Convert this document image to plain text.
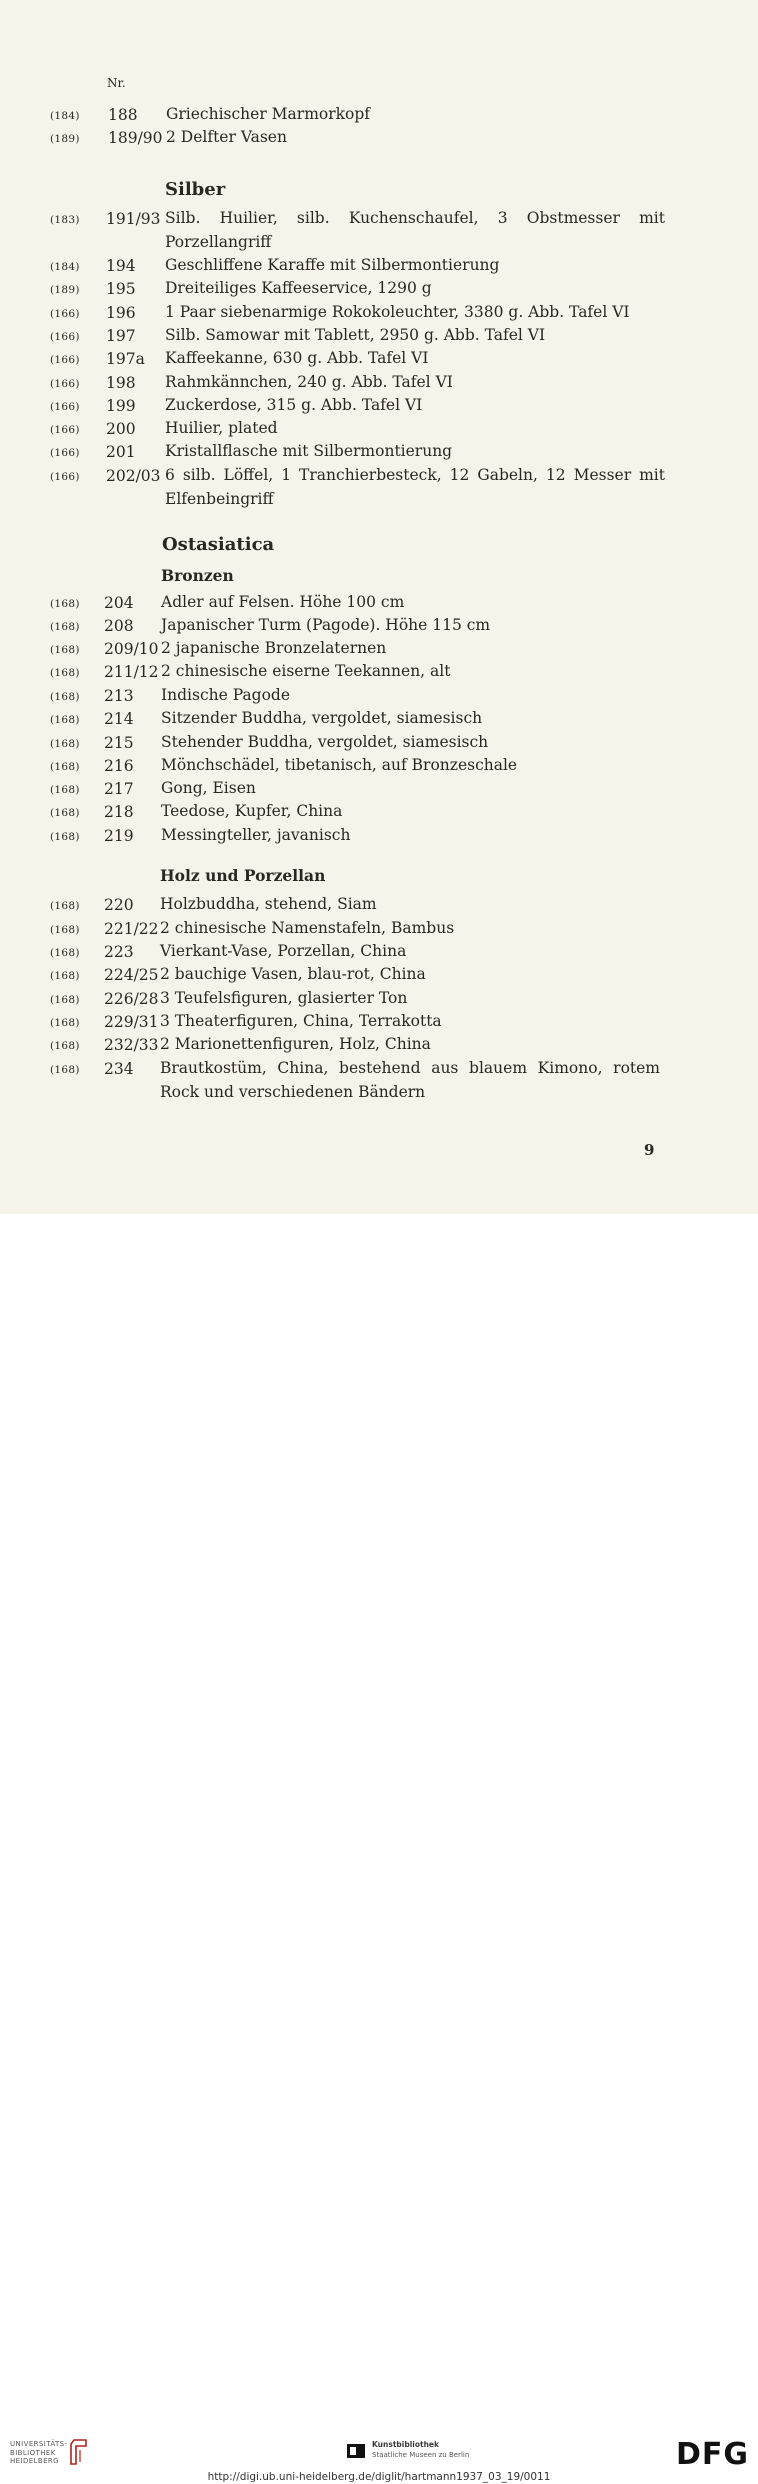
Nr.
Silber
Ostasiatica
Bronzen
Holz und Porzellan
(184) 188 Griechischer Marmorkopf
(189) 189/90 2 Delfter Vasen
(183) 191/93 Silb. Huilier, silb. Kuchenschaufel, 3 Obstmesser mit Porzellangriff
(184) 194 Geschliffene Karaffe mit Silbermontierung
(189) 195 Dreiteiliges Kaffeeservice, 1290 g
(166) 196 1 Paar siebenarmige Rokokoleuchter, 3380 g. Abb. Tafel VI
(166) 197 Silb. Samowar mit Tablett, 2950 g. Abb. Tafel VI
(166) 197a Kaffeekanne, 630 g. Abb. Tafel VI
(166) 198 Rahmkännchen, 240 g. Abb. Tafel VI
(166) 199 Zuckerdose, 315 g. Abb. Tafel VI
(166) 200 Huilier, plated
(166) 201 Kristallflasche mit Silbermontierung
(166) 202/03 6 silb. Löffel, 1 Tranchierbesteck, 12 Gabeln, 12 Messer mit Elfenbeingriff
(168) 204 Adler auf Felsen. Höhe 100 cm
(168) 208 Japanischer Turm (Pagode). Höhe 115 cm
(168) 209/10 2 japanische Bronzelaternen
(168) 211/12 2 chinesische eiserne Teekannen, alt
(168) 213 Indische Pagode
(168) 214 Sitzender Buddha, vergoldet, siamesisch
(168) 215 Stehender Buddha, vergoldet, siamesisch
(168) 216 Mönchschädel, tibetanisch, auf Bronzeschale
(168) 217 Gong, Eisen
(168) 218 Teedose, Kupfer, China
(168) 219 Messingteller, javanisch
(168) 220 Holzbuddha, stehend, Siam
(168) 221/22 2 chinesische Namenstafeln, Bambus
(168) 223 Vierkant-Vase, Porzellan, China
(168) 224/25 2 bauchige Vasen, blau-rot, China
(168) 226/28 3 Teufelsfiguren, glasierter Ton
(168) 229/31 3 Theaterfiguren, China, Terrakotta
(168) 232/33 2 Marionettenfiguren, Holz, China
(168) 234 Brautkostüm, China, bestehend aus blauem Kimono, rotem Rock und verschiedenen Bändern
9
UNIVERSITÄTS-
BIBLIOTHEK
HEIDELBERG
Kunstbibliothek
Staatliche Museen zu Berlin	DFG
http://digi.ub.uni-heidelberg.de/diglit/hartmann1937_03_19/0011
